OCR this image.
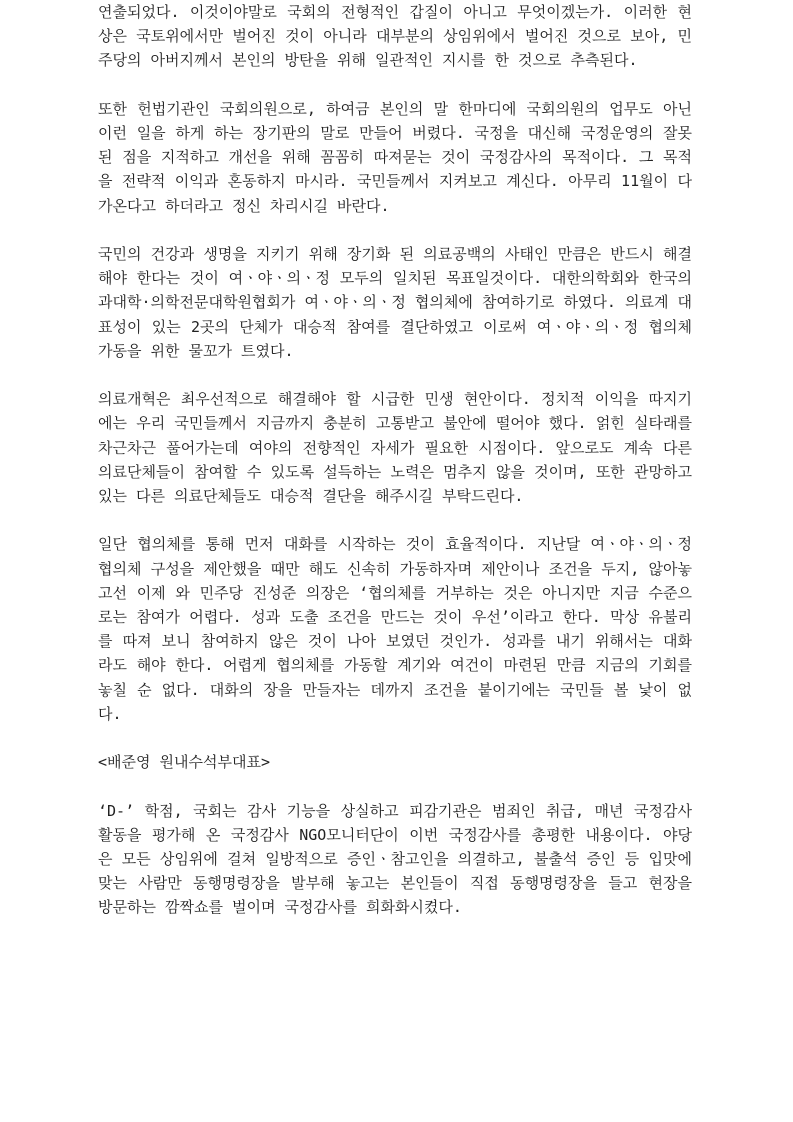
연출되었다. 이것이야말로 국회의 전형적인 갑질이 아니고 무엇이겠는가. 이러한 현상은 국토위에서만 벌어진 것이 아니라 대부분의 상임위에서 벌어진 것으로 보아, 민주당의 아버지께서 본인의 방탄을 위해 일관적인 지시를 한 것으로 추측된다.

또한 헌법기관인 국회의원으로, 하여금 본인의 말 한마디에 국회의원의 업무도 아닌 이런 일을 하게 하는 장기판의 말로 만들어 버렸다. 국정을 대신해 국정운영의 잘못된 점을 지적하고 개선을 위해 꼼꼼히 따져묻는 것이 국정감사의 목적이다. 그 목적을 전략적 이익과 혼동하지 마시라. 국민들께서 지켜보고 계신다. 아무리 11월이 다가온다고 하더라고 정신 차리시길 바란다.

국민의 건강과 생명을 지키기 위해 장기화 된 의료공백의 사태인 만큼은 반드시 해결해야 한다는 것이 여ㆍ야ㆍ의ㆍ정 모두의 일치된 목표일것이다. 대한의학회와 한국의과대학·의학전문대학원협회가 여ㆍ야ㆍ의ㆍ정 협의체에 참여하기로 하였다. 의료계 대표성이 있는 2곳의 단체가 대승적 참여를 결단하였고 이로써 여ㆍ야ㆍ의ㆍ정 협의체 가동을 위한 물꼬가 트였다.

의료개혁은 최우선적으로 해결해야 할 시급한 민생 현안이다. 정치적 이익을 따지기에는 우리 국민들께서 지금까지 충분히 고통받고 불안에 떨어야 했다. 얽힌 실타래를 차근차근 풀어가는데 여야의 전향적인 자세가 필요한 시점이다. 앞으로도 계속 다른 의료단체들이 참여할 수 있도록 설득하는 노력은 멈추지 않을 것이며, 또한 관망하고 있는 다른 의료단체들도 대승적 결단을 해주시길 부탁드린다.

일단 협의체를 통해 먼저 대화를 시작하는 것이 효율적이다. 지난달 여ㆍ야ㆍ의ㆍ정 협의체 구성을 제안했을 때만 해도 신속히 가동하자며 제안이나 조건을 두지, 않아놓고선 이제 와 민주당 진성준 의장은 ‘협의체를 거부하는 것은 아니지만 지금 수준으로는 참여가 어렵다. 성과 도출 조건을 만드는 것이 우선’이라고 한다. 막상 유불리를 따져 보니 참여하지 않은 것이 나아 보였던 것인가. 성과를 내기 위해서는 대화라도 해야 한다. 어렵게 협의체를 가동할 계기와 여건이 마련된 만큼 지금의 기회를 놓칠 순 없다. 대화의 장을 만들자는 데까지 조건을 붙이기에는 국민들 볼 낯이 없다.

<배준영 원내수석부대표>

‘D-’ 학점, 국회는 감사 기능을 상실하고 피감기관은 범죄인 취급, 매년 국정감사 활동을 평가해 온 국정감사 NGO모니터단이 이번 국정감사를 총평한 내용이다. 야당은 모든 상임위에 걸쳐 일방적으로 증인ㆍ참고인을 의결하고, 불출석 증인 등 입맛에 맞는 사람만 동행명령장을 발부해 놓고는 본인들이 직접 동행명령장을 들고 현장을 방문하는 깜짝쇼를 벌이며 국정감사를 희화화시켰다.
